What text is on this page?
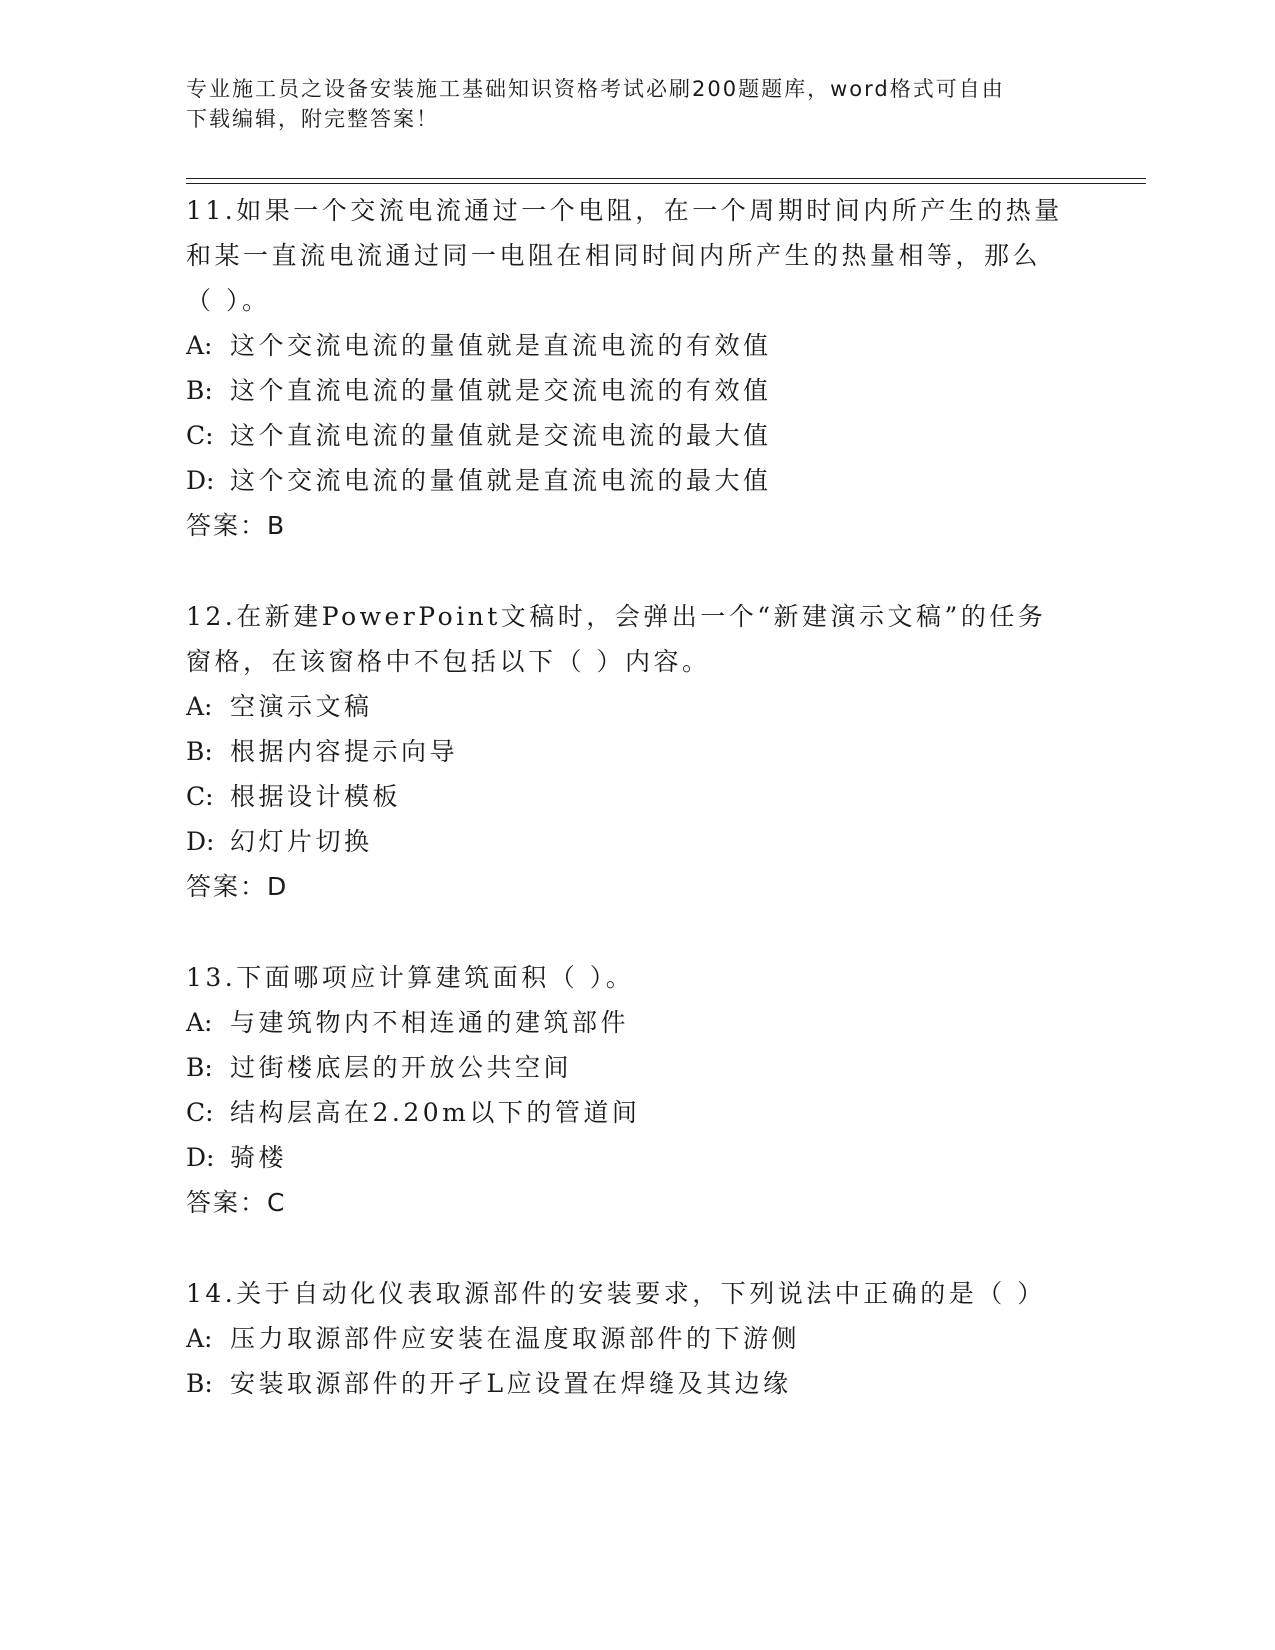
专业施工员之设备安装施工基础知识资格考试必刷200题题库，word格式可自由
下载编辑，附完整答案！

11.如果一个交流电流通过一个电阻，在一个周期时间内所产生的热量

和某一直流电流通过同一电阻在相同时间内所产生的热量相等，那么

（ ）。

A: 这个交流电流的量值就是直流电流的有效值

B: 这个直流电流的量值就是交流电流的有效值

C: 这个直流电流的量值就是交流电流的最大值

D: 这个交流电流的量值就是直流电流的最大值

答案：B

12.在新建PowerPoint文稿时，会弹出一个“新建演示文稿”的任务

窗格，在该窗格中不包括以下（ ）内容。

A: 空演示文稿

B: 根据内容提示向导

C: 根据设计模板

D: 幻灯片切换

答案：D

13.下面哪项应计算建筑面积（ ）。

A: 与建筑物内不相连通的建筑部件

B: 过街楼底层的开放公共空间

C: 结构层高在2.20m以下的管道间

D: 骑楼

答案：C

14.关于自动化仪表取源部件的安装要求，下列说法中正确的是（ ）

A: 压力取源部件应安装在温度取源部件的下游侧

B: 安装取源部件的开孑L应设置在焊缝及其边缘
